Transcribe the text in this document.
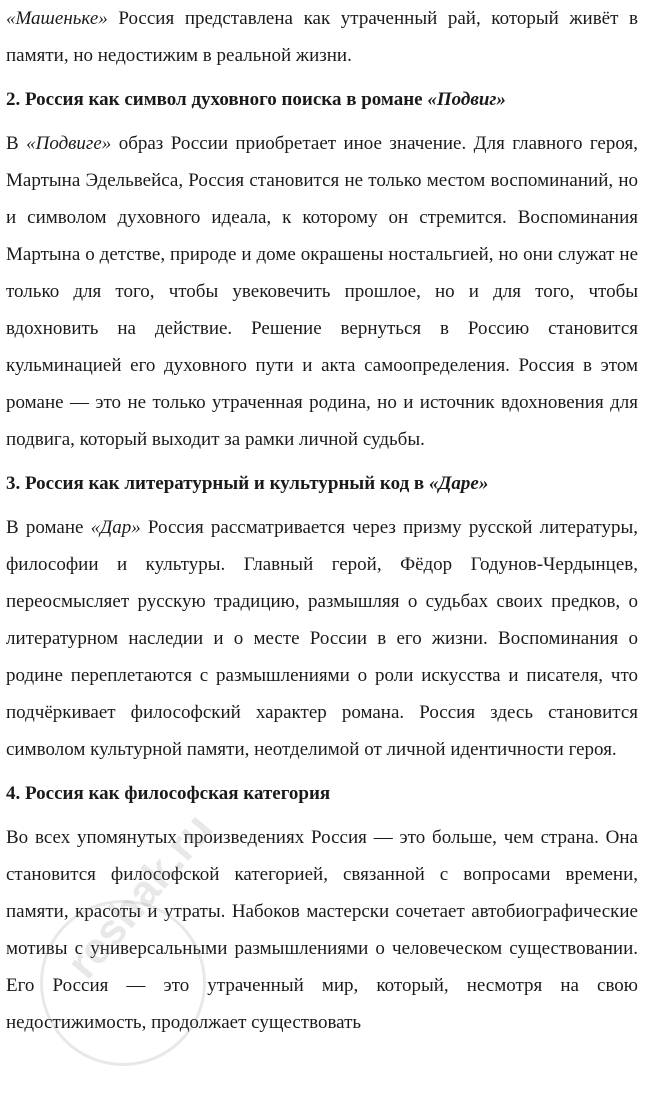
«Машеньке» Россия представлена как утраченный рай, который живёт в памяти, но недостижим в реальной жизни.

2. Россия как символ духовного поиска в романе «Подвиг»

В «Подвиге» образ России приобретает иное значение. Для главного героя, Мартына Эдельвейса, Россия становится не только местом воспоминаний, но и символом духовного идеала, к которому он стремится. Воспоминания Мартына о детстве, природе и доме окрашены ностальгией, но они служат не только для того, чтобы увековечить прошлое, но и для того, чтобы вдохновить на действие. Решение вернуться в Россию становится кульминацией его духовного пути и акта самоопределения. Россия в этом романе — это не только утраченная родина, но и источник вдохновения для подвига, который выходит за рамки личной судьбы.

3. Россия как литературный и культурный код в «Даре»

В романе «Дар» Россия рассматривается через призму русской литературы, философии и культуры. Главный герой, Фёдор Годунов-Чердынцев, переосмысляет русскую традицию, размышляя о судьбах своих предков, о литературном наследии и о месте России в его жизни. Воспоминания о родине переплетаются с размышлениями о роли искусства и писателя, что подчёркивает философский характер романа. Россия здесь становится символом культурной памяти, неотделимой от личной идентичности героя.

4. Россия как философская категория

Во всех упомянутых произведениях Россия — это больше, чем страна. Она становится философской категорией, связанной с вопросами времени, памяти, красоты и утраты. Набоков мастерски сочетает автобиографические мотивы с универсальными размышлениями о человеческом существовании. Его Россия — это утраченный мир, который, несмотря на свою недостижимость, продолжает существовать

reshak.ru
